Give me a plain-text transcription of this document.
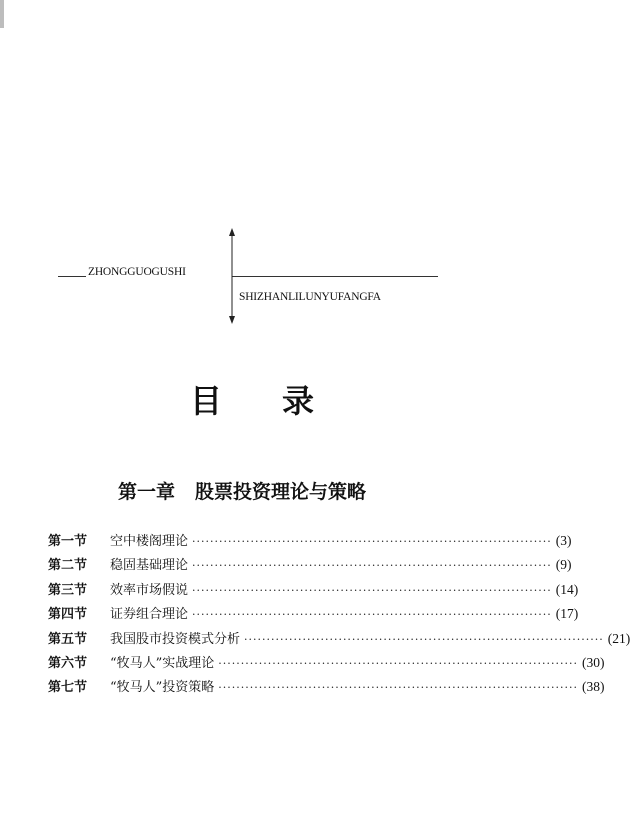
ZHONGGUOGUSHI
SHIZHANLILUNYUFANGFA
目 录
第一章 股票投资理论与策略
第一节	空中楼阁理论 ················································································ (3)
第二节	稳固基础理论 ················································································ (9)
第三节	效率市场假说 ················································································ (14)
第四节	证券组合理论 ················································································ (17)
第五节	我国股市投资模式分析 ················································································ (21)
第六节	“牧马人”实战理论 ················································································ (30)
第七节	“牧马人”投资策略 ················································································ (38)
